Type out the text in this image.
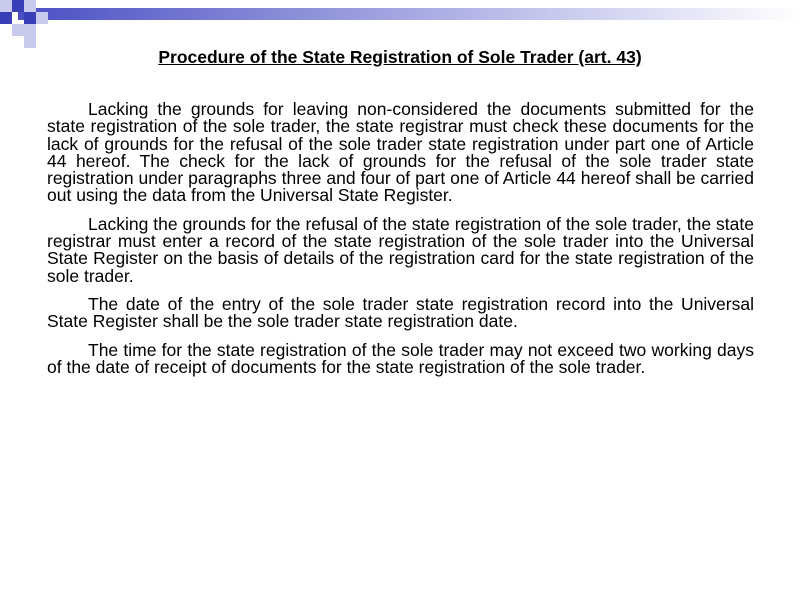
Procedure of the State Registration of Sole Trader (art. 43)

Lacking the grounds for leaving non-considered the documents submitted for the state registration of the sole trader, the state registrar must check these documents for the lack of grounds for the refusal of the sole trader state registration under part one of Article 44 hereof. The check for the lack of grounds for the refusal of the sole trader state registration under paragraphs three and four of part one of Article 44 hereof shall be carried out using the data from the Universal State Register.

Lacking the grounds for the refusal of the state registration of the sole trader, the state registrar must enter a record of the state registration of the sole trader into the Universal State Register on the basis of details of the registration card for the state registration of the sole trader.

The date of the entry of the sole trader state registration record into the Universal State Register shall be the sole trader state registration date.

The time for the state registration of the sole trader may not exceed two working days of the date of receipt of documents for the state registration of the sole trader.
